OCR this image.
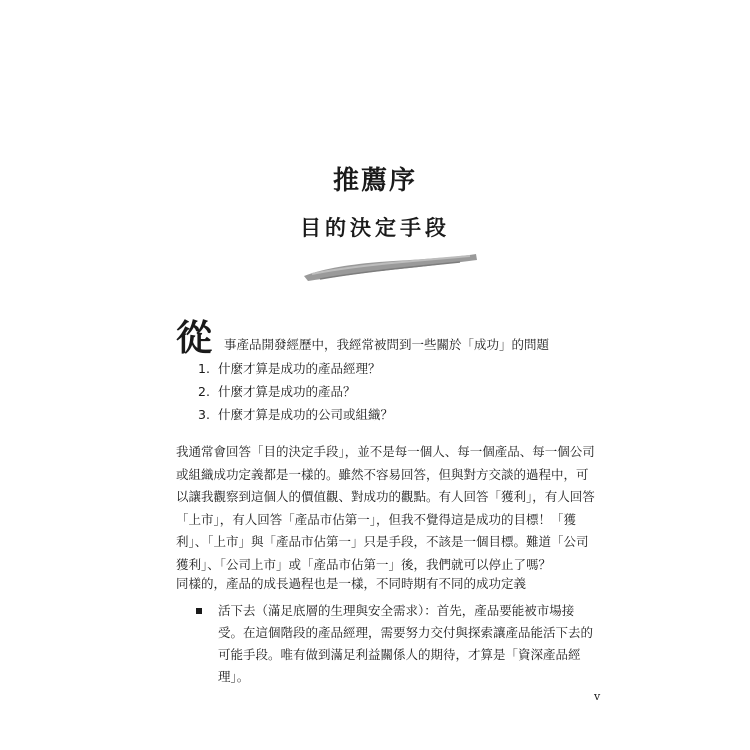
推薦序
目的決定手段
從 事產品開發經歷中，我經常被問到一些關於「成功」的問題
1. 什麼才算是成功的產品經理？
2. 什麼才算是成功的產品？
3. 什麼才算是成功的公司或組織？

我通常會回答「目的決定手段」，並不是每一個人、每一個產品、每一個公司或組織成功定義都是一樣的。雖然不容易回答，但與對方交談的過程中，可以讓我觀察到這個人的價值觀、對成功的觀點。有人回答「獲利」，有人回答「上市」，有人回答「產品市佔第一」，但我不覺得這是成功的目標！「獲利」、「上市」與「產品市佔第一」只是手段，不該是一個目標。難道「公司獲利」、「公司上市」或「產品市佔第一」後，我們就可以停止了嗎？

同樣的，產品的成長過程也是一樣，不同時期有不同的成功定義

活下去（滿足底層的生理與安全需求）：首先，產品要能被市場接受。在這個階段的產品經理，需要努力交付與探索讓產品能活下去的可能手段。唯有做到滿足利益關係人的期待，才算是「資深產品經理」。

v
